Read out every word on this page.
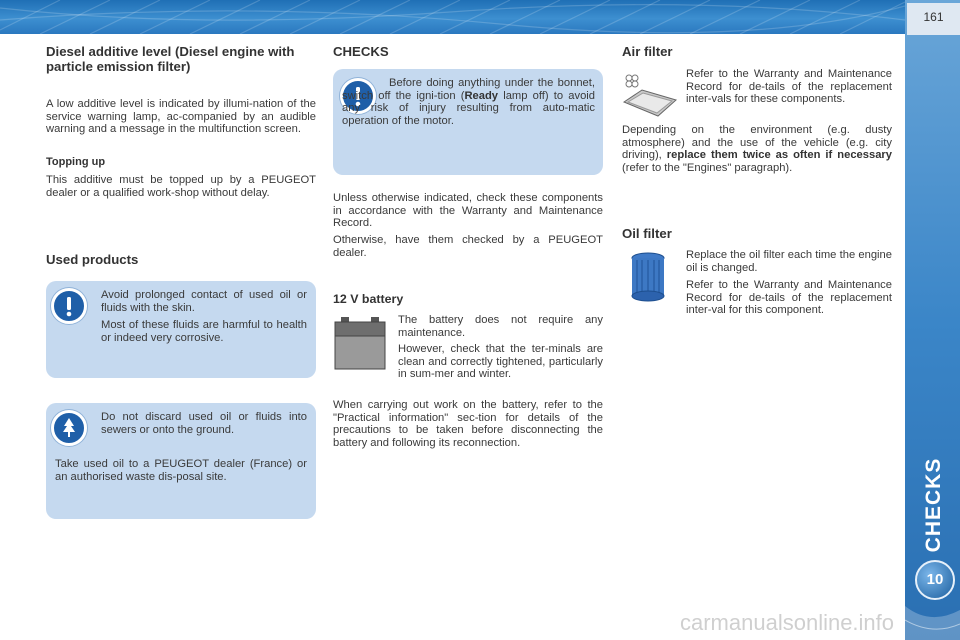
161
CHECKS
10
Diesel additive level (Diesel engine with particle emission filter)

A low additive level is indicated by illumi-nation of the service warning lamp, ac-companied by an audible warning and a message in the multifunction screen.

Topping up

This additive must be topped up by a PEUGEOT dealer or a qualified work-shop without delay.

Used products

Avoid prolonged contact of used oil or fluids with the skin.

Most of these fluids are harmful to health or indeed very corrosive.

Do not discard used oil or fluids into sewers or onto the ground.

Take used oil to a PEUGEOT dealer (France) or an authorised waste dis-posal site.

CHECKS

Before doing anything under the bonnet, switch off the igni-tion (Ready lamp off) to avoid any risk of injury resulting from auto-matic operation of the motor.

Unless otherwise indicated, check these components in accordance with the Warranty and Maintenance Record.

Otherwise, have them checked by a PEUGEOT dealer.

12 V battery

The battery does not require any maintenance.

However, check that the ter-minals are clean and correctly tightened, particularly in sum-mer and winter.

When carrying out work on the battery, refer to the "Practical information" sec-tion for details of the precautions to be taken before disconnecting the battery and following its reconnection.

Air filter

Refer to the Warranty and Maintenance Record for de-tails of the replacement inter-vals for these components.

Depending on the environment (e.g. dusty atmosphere) and the use of the vehicle (e.g. city driving), replace them twice as often if necessary (refer to the "Engines" paragraph).

Oil filter

Replace the oil filter each time the engine oil is changed.

Refer to the Warranty and Maintenance Record for de-tails of the replacement inter-val for this component.

carmanualsonline.info
